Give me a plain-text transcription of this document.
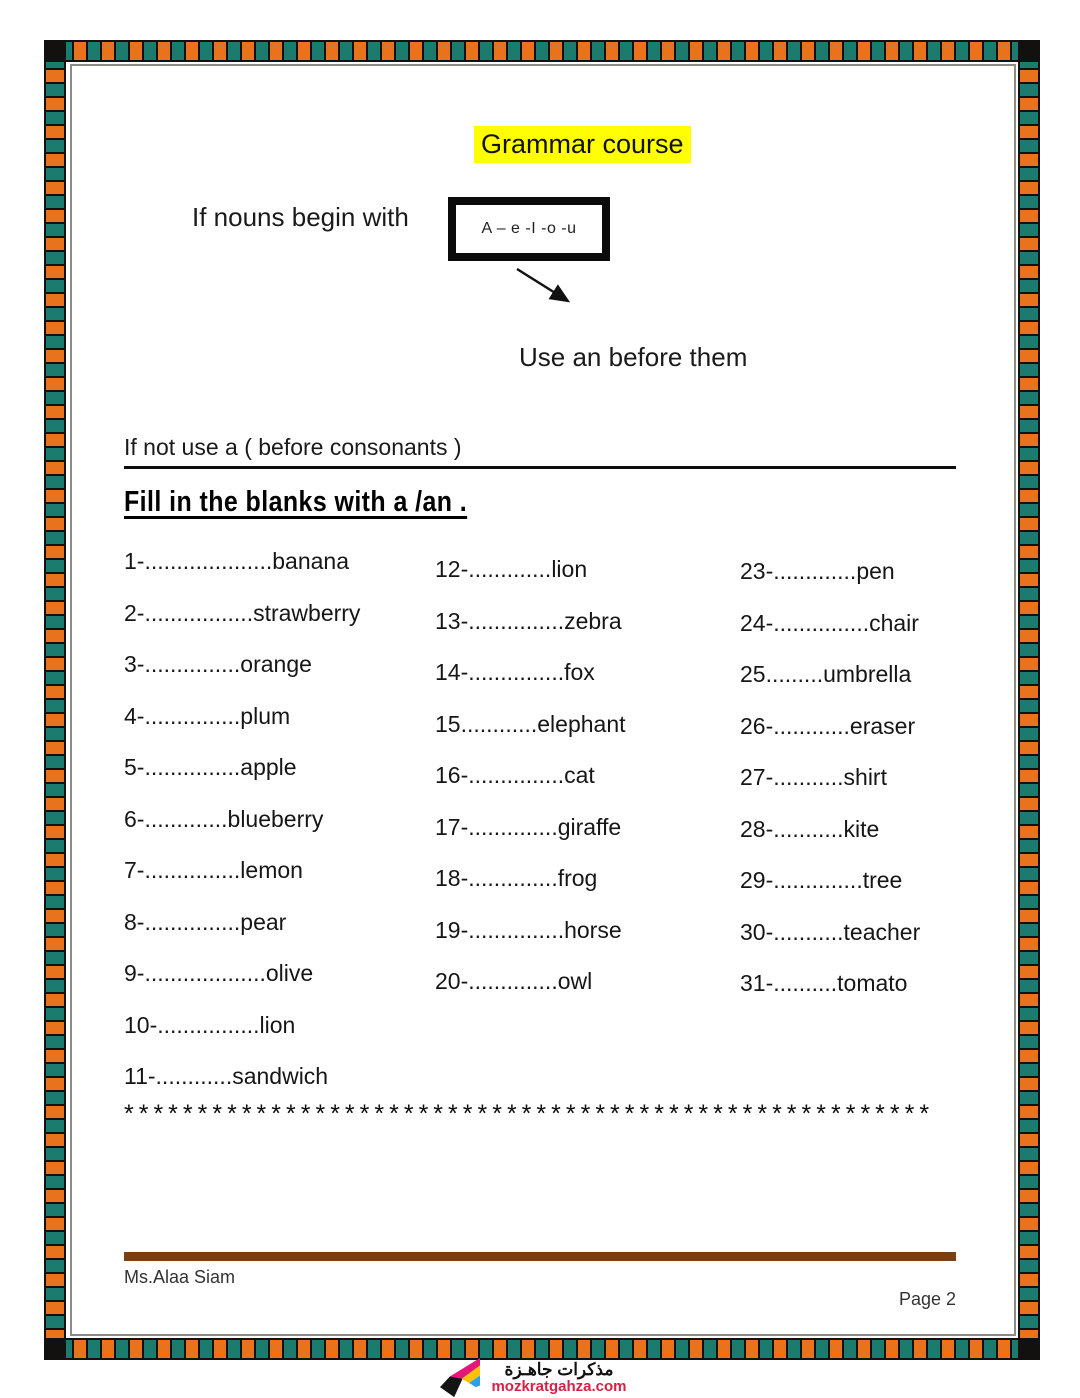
Grammar course
If nouns begin with	A – e -I -o -u
Use an before them
If not use a ( before consonants )
Fill in the blanks with a /an .
1-....................banana
2-.................strawberry
3-...............orange
4-...............plum
5-...............apple
6-.............blueberry
7-...............lemon
8-...............pear
9-...................olive
10-................lion
11-............sandwich
12-.............lion
13-...............zebra
14-...............fox
15............elephant
16-...............cat
17-..............giraffe
18-..............frog
19-...............horse
20-..............owl
23-.............pen
24-...............chair
25.........umbrella
26-............eraser
27-...........shirt
28-...........kite
29-..............tree
30-...........teacher
31-..........tomato
*******************************************************
Ms.Alaa Siam
Page 2
مذكرات جاهـزة
mozkratgahza.com
